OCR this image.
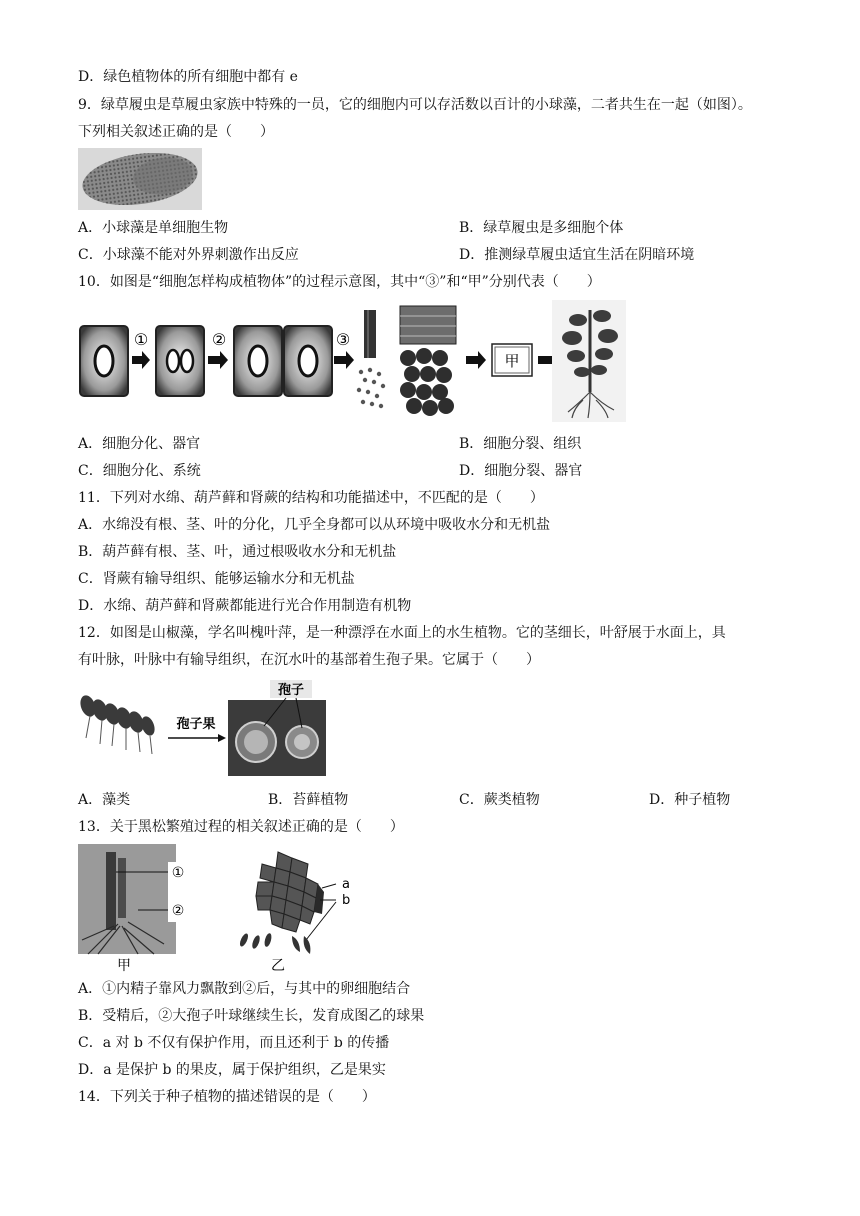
D．绿色植物体的所有细胞中都有 e
9．绿草履虫是草履虫家族中特殊的一员，它的细胞内可以存活数以百计的小球藻，二者共生在一起（如图）。
下列相关叙述正确的是（　　）
A．小球藻是单细胞生物	B．绿草履虫是多细胞个体
C．小球藻不能对外界刺激作出反应	D．推测绿草履虫适宜生活在阴暗环境
10．如图是“细胞怎样构成植物体”的过程示意图，其中“③”和“甲”分别代表（　　）
①	②	③
甲
A．细胞分化、器官	B．细胞分裂、组织
C．细胞分化、系统	D．细胞分裂、器官
11．下列对水绵、葫芦藓和肾蕨的结构和功能描述中，不匹配的是（　　）
A．水绵没有根、茎、叶的分化，几乎全身都可以从环境中吸收水分和无机盐
B．葫芦藓有根、茎、叶，通过根吸收水分和无机盐
C．肾蕨有输导组织、能够运输水分和无机盐
D．水绵、葫芦藓和肾蕨都能进行光合作用制造有机物
12．如图是山椒藻，学名叫槐叶萍，是一种漂浮在水面上的水生植物。它的茎细长，叶舒展于水面上，具
有叶脉，叶脉中有输导组织，在沉水叶的基部着生孢子果。它属于（　　）
孢子果
孢子
A．藻类	B．苔藓植物	C．蕨类植物	D．种子植物
13．关于黑松繁殖过程的相关叙述正确的是（　　）
①
②
甲
a
b
乙
A．①内精子靠风力飘散到②后，与其中的卵细胞结合
B．受精后，②大孢子叶球继续生长，发育成图乙的球果
C．a 对 b 不仅有保护作用，而且还利于 b 的传播
D．a 是保护 b 的果皮，属于保护组织，乙是果实
14．下列关于种子植物的描述错误的是（　　）
